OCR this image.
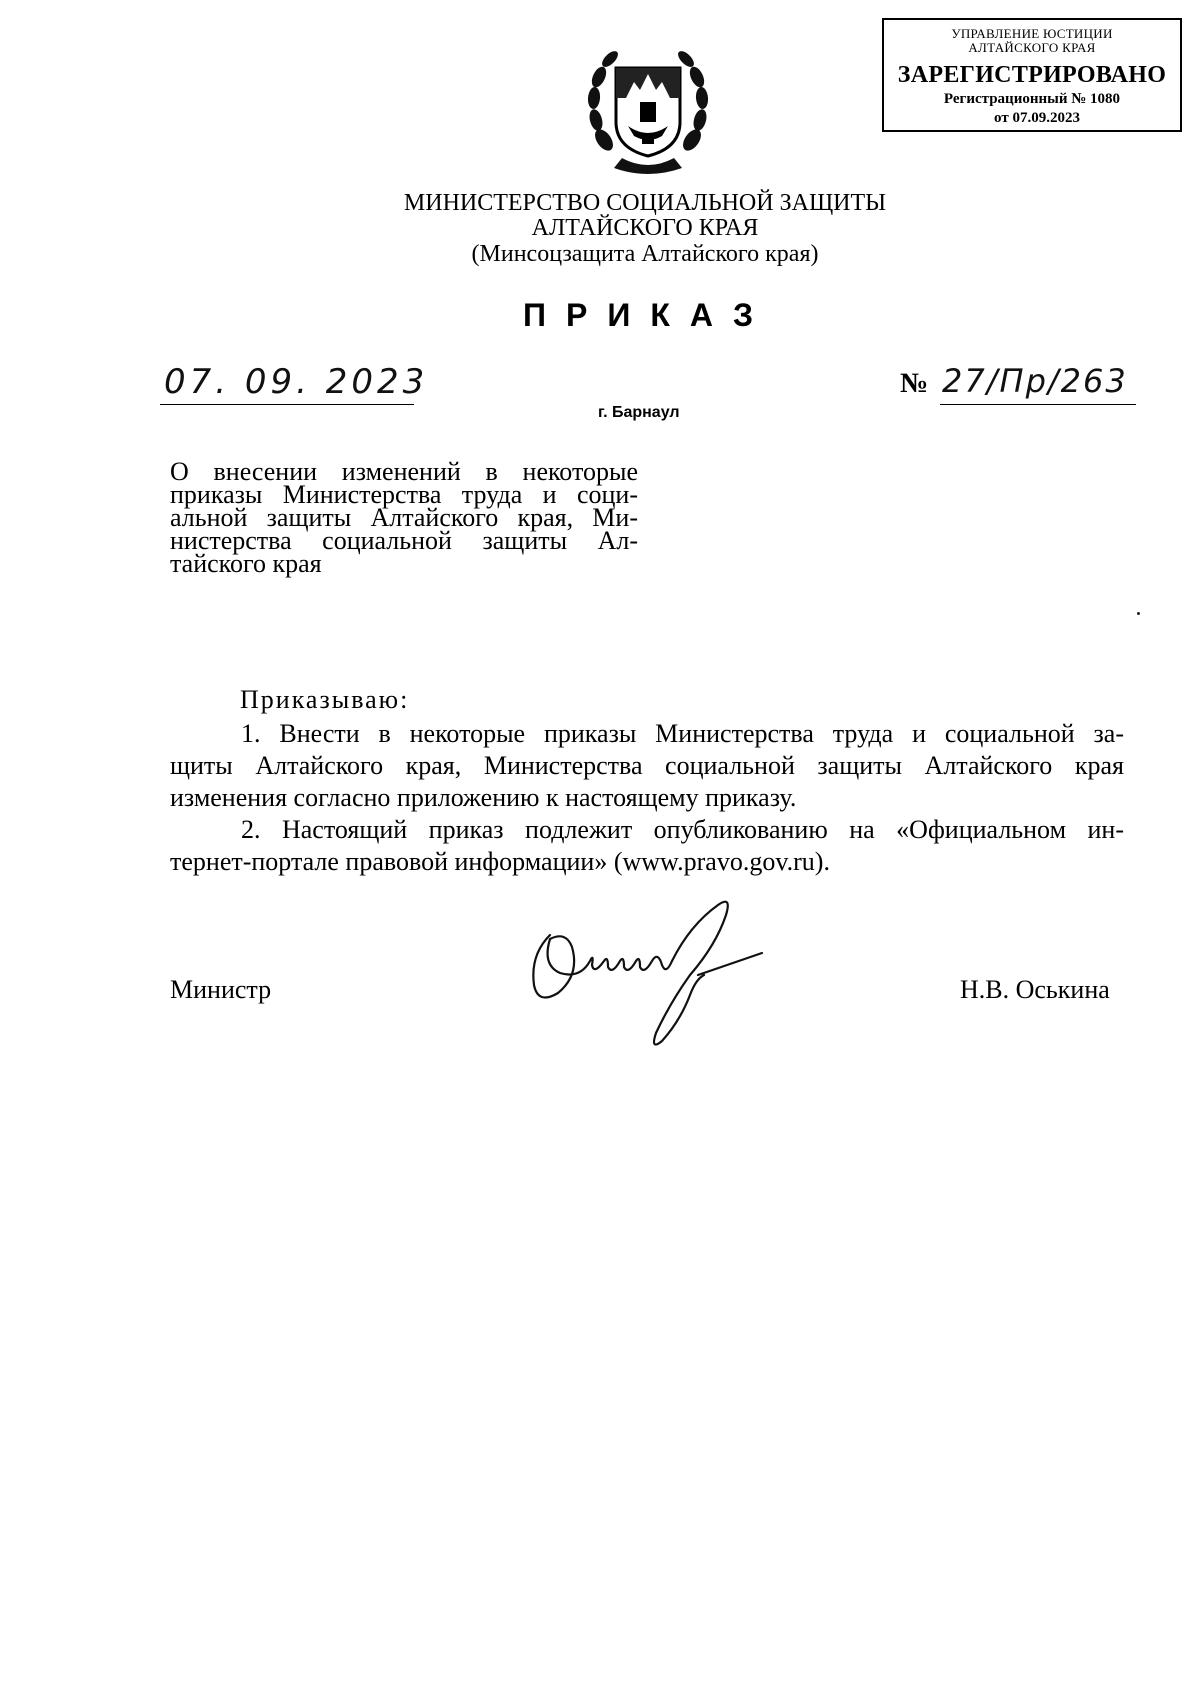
УПРАВЛЕНИЕ ЮСТИЦИИ
АЛТАЙСКОГО КРАЯ
ЗАРЕГИСТРИРОВАНО
Регистрационный № 1080
от 07.09.2023
МИНИСТЕРСТВО СОЦИАЛЬНОЙ ЗАЩИТЫ
АЛТАЙСКОГО КРАЯ
(Минсоцзащита Алтайского края)
ПРИКАЗ
07. 09. 2023	№ 27/Пр/263
г. Барнаул
О внесении изменений в некоторые
приказы Министерства труда и соци-
альной защиты Алтайского края, Ми-
нистерства социальной защиты Ал-
тайского края
Приказываю:
1. Внести в некоторые приказы Министерства труда и социальной за-
щиты Алтайского края, Министерства социальной защиты Алтайского края
изменения согласно приложению к настоящему приказу.
2. Настоящий приказ подлежит опубликованию на «Официальном ин-
тернет-портале правовой информации» (www.pravo.gov.ru).
Министр	Н.В. Оськина
